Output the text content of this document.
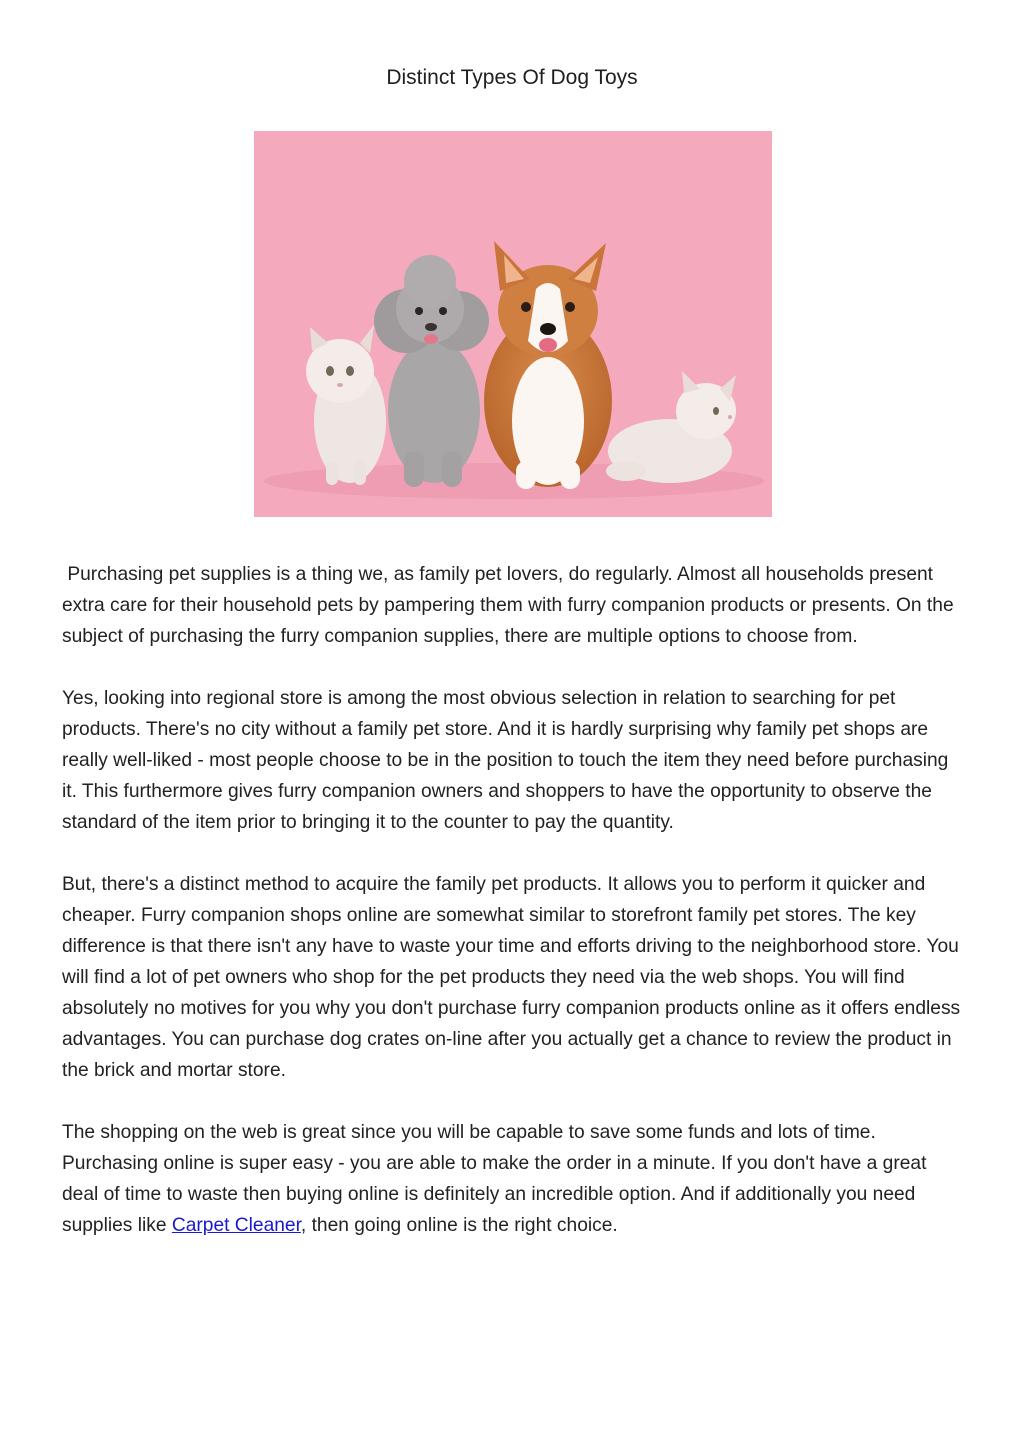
Distinct Types Of Dog Toys

Purchasing pet supplies is a thing we, as family pet lovers, do regularly. Almost all households present extra care for their household pets by pampering them with furry companion products or presents. On the subject of purchasing the furry companion supplies, there are multiple options to choose from.

Yes, looking into regional store is among the most obvious selection in relation to searching for pet products. There's no city without a family pet store. And it is hardly surprising why family pet shops are really well-liked - most people choose to be in the position to touch the item they need before purchasing it. This furthermore gives furry companion owners and shoppers to have the opportunity to observe the standard of the item prior to bringing it to the counter to pay the quantity.

But, there's a distinct method to acquire the family pet products. It allows you to perform it quicker and cheaper. Furry companion shops online are somewhat similar to storefront family pet stores. The key difference is that there isn't any have to waste your time and efforts driving to the neighborhood store. You will find a lot of pet owners who shop for the pet products they need via the web shops. You will find absolutely no motives for you why you don't purchase furry companion products online as it offers endless advantages. You can purchase dog crates on-line after you actually get a chance to review the product in the brick and mortar store.

The shopping on the web is great since you will be capable to save some funds and lots of time. Purchasing online is super easy - you are able to make the order in a minute. If you don't have a great deal of time to waste then buying online is definitely an incredible option. And if additionally you need supplies like Carpet Cleaner, then going online is the right choice.
